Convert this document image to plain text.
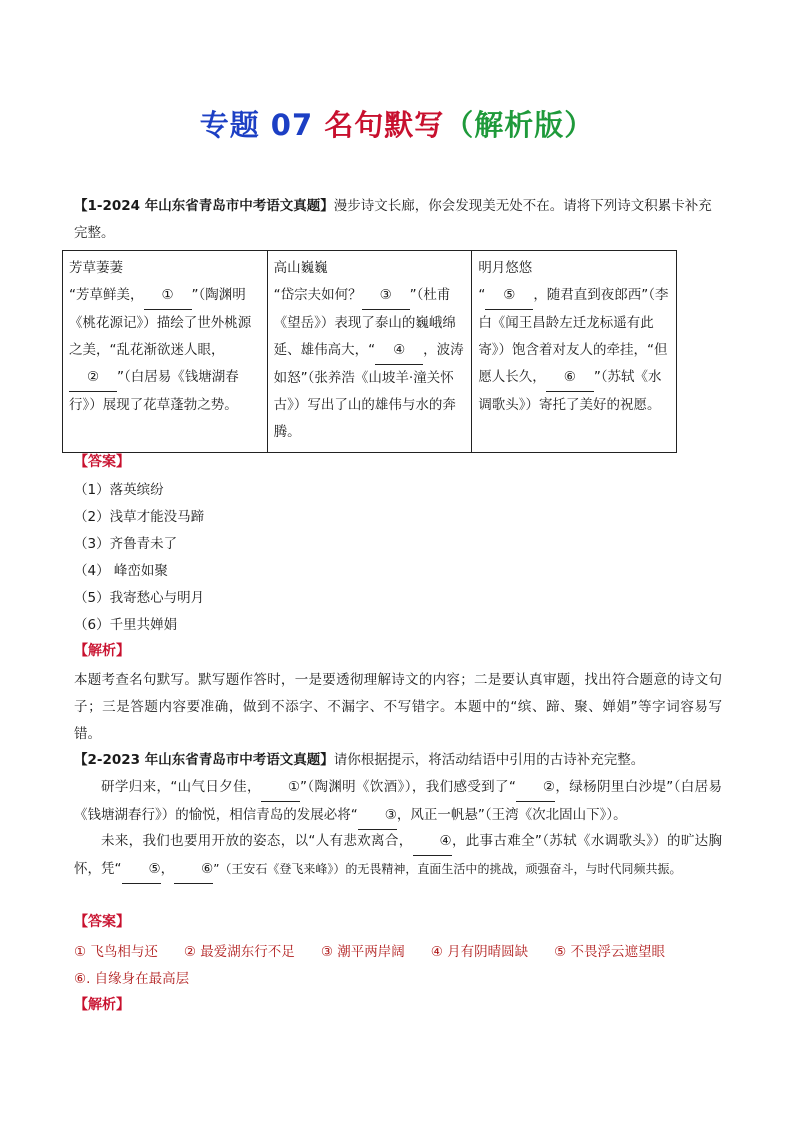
专题 07 名句默写（解析版）
【1-2024 年山东省青岛市中考语文真题】漫步诗文长廊，你会发现美无处不在。请将下列诗文积累卡补充
完整。
芳草萋萋
“芳草鲜美， ① ”（陶渊明《桃花源记》）描绘了世外桃源之美，“乱花渐欲迷人眼，② ”（白居易《钱塘湖春行》）展现了花草蓬勃之势。	
高山巍巍
“岱宗夫如何？ ③ ”（杜甫《望岳》）表现了泰山的巍峨绵延、雄伟高大，“ ④ ，波涛如怒”（张养浩《山坡羊·潼关怀古》）写出了山的雄伟与水的奔腾。	
明月悠悠
“ ⑤ ，随君直到夜郎西”（李白《闻王昌龄左迁龙标遥有此寄》）饱含着对友人的牵挂，“但愿人长久， ⑥ ”（苏轼《水调歌头》）寄托了美好的祝愿。
【答案】
（1）落英缤纷
（2）浅草才能没马蹄
（3）齐鲁青未了
（4） 峰峦如聚
（5）我寄愁心与明月
（6）千里共婵娟
【解析】
本题考查名句默写。默写题作答时，一是要透彻理解诗文的内容；二是要认真审题，找出符合题意的诗文句子；三是答题内容要准确，做到不添字、不漏字、不写错字。本题中的“缤、蹄、聚、婵娟”等字词容易写错。
【2-2023 年山东省青岛市中考语文真题】请你根据提示，将活动结语中引用的古诗补充完整。
研学归来，“山气日夕佳， ①”（陶渊明《饮酒》），我们感受到了“ ②，绿杨阴里白沙堤”（白居易《钱塘湖春行》）的愉悦，相信青岛的发展必将“ ③，风正一帆悬”（王湾《次北固山下》）。
未来，我们也要用开放的姿态，以“人有悲欢离合， ④，此事古难全”（苏轼《水调歌头》）的旷达胸怀，凭“ ⑤， ⑥”（王安石《登飞来峰》）的无畏精神，直面生活中的挑战，顽强奋斗，与时代同频共振。
【答案】
① 飞鸟相与还 ② 最爱湖东行不足 ③ 潮平两岸阔 ④ 月有阴晴圆缺 ⑤ 不畏浮云遮望眼
⑥. 自缘身在最高层
【解析】
